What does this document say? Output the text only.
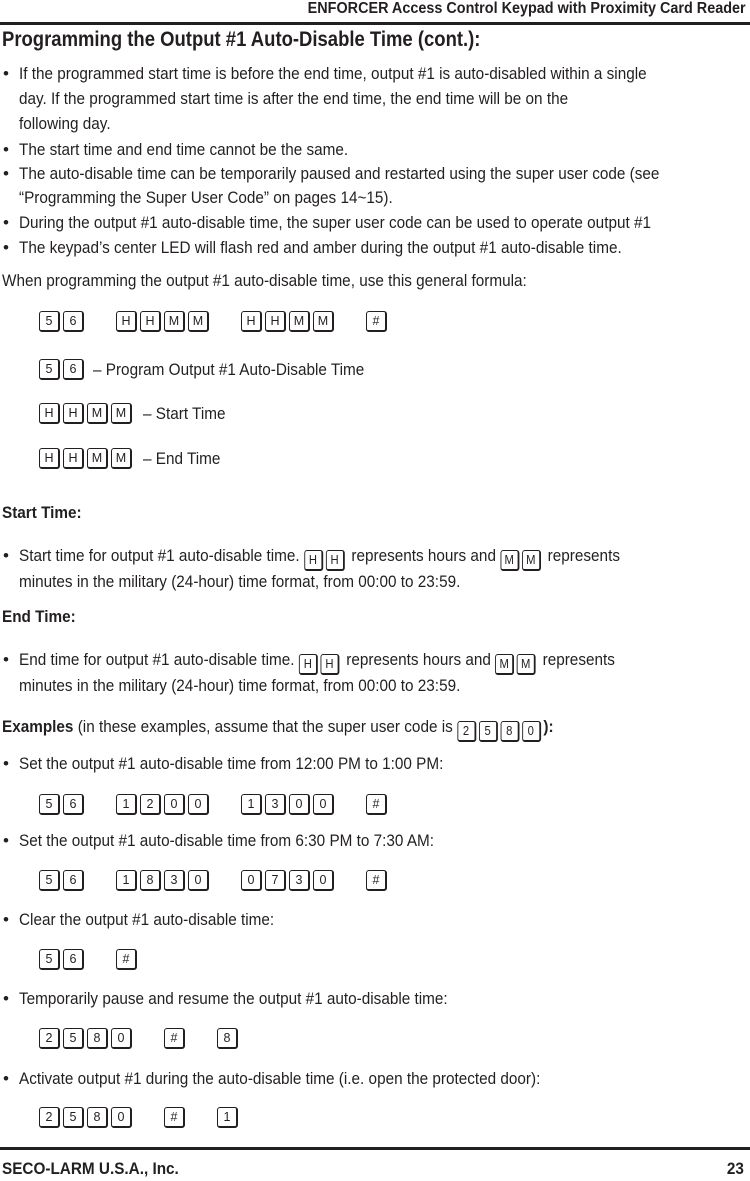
ENFORCER Access Control Keypad with Proximity Card Reader
Programming the Output #1 Auto-Disable Time (cont.):
• If the programmed start time is before the end time, output #1 is auto-disabled within a single
day. If the programmed start time is after the end time, the end time will be on the
following day.
• The start time and end time cannot be the same.
• The auto-disable time can be temporarily paused and restarted using the super user code (see
“Programming the Super User Code” on pages 14~15).
• During the output #1 auto-disable time, the super user code can be used to operate output #1
• The keypad’s center LED will flash red and amber during the output #1 auto-disable time.
When programming the output #1 auto-disable time, use this general formula:
5	6	H	H	M	M	H	H	M	M	#
5	6 – Program Output #1 Auto-Disable Time
H	H	M	M – Start Time
H	H	M	M – End Time
Start Time:
• Start time for output #1 auto-disable time. H	H represents hours and M M represents
minutes in the military (24-hour) time format, from 00:00 to 23:59.
End Time:
• End time for output #1 auto-disable time. H	H represents hours and M M represents
minutes in the military (24-hour) time format, from 00:00 to 23:59.
Examples (in these examples, assume that the super user code is 2	5	8	0 ):
• Set the output #1 auto-disable time from 12:00 PM to 1:00 PM:
5	6	1	2	0	0	1	3	0	0	#
• Set the output #1 auto-disable time from 6:30 PM to 7:30 AM:
5	6	1	8	3	0	0	7	3	0	#
• Clear the output #1 auto-disable time:
5	6	#
• Temporarily pause and resume the output #1 auto-disable time:
2	5	8	0	#	8
• Activate output #1 during the auto-disable time (i.e. open the protected door):
2	5	8	0	#	1
SECO-LARM U.S.A., Inc.	23
